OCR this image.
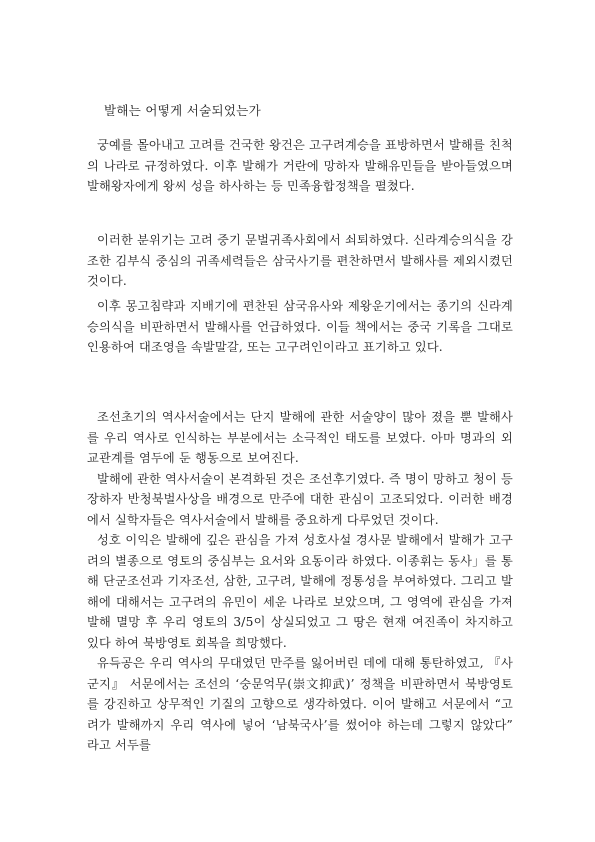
발해는 어떻게 서술되었는가

궁예를 몰아내고 고려를 건국한 왕건은 고구려계승을 표방하면서 발해를 친척의 나라로 규정하였다. 이후 발해가 거란에 망하자 발해유민들을 받아들였으며 발해왕자에게 왕씨 성을 하사하는 등 민족융합정책을 펼쳤다.

이러한 분위기는 고려 중기 문벌귀족사회에서 쇠퇴하였다. 신라계승의식을 강조한 김부식 중심의 귀족세력들은 삼국사기를 편찬하면서 발해사를 제외시켰던 것이다.

이후 몽고침략과 지배기에 편찬된 삼국유사와 제왕운기에서는 종기의 신라계승의식을 비판하면서 발해사를 언급하였다. 이들 책에서는 중국 기록을 그대로 인용하여 대조영을 속발말갈, 또는 고구려인이라고 표기하고 있다.

조선초기의 역사서술에서는 단지 발해에 관한 서술양이 많아 졌을 뿐 발해사를 우리 역사로 인식하는 부분에서는 소극적인 태도를 보였다. 아마 명과의 외교관계를 염두에 둔 행동으로 보여진다.

발해에 관한 역사서술이 본격화된 것은 조선후기였다. 즉 명이 망하고 청이 등장하자 반청북벌사상을 배경으로 만주에 대한 관심이 고조되었다. 이러한 배경에서 실학자들은 역사서술에서 발해를 중요하게 다루었던 것이다.

성호 이익은 발해에 깊은 관심을 가져 성호사설 경사문 발해에서 발해가 고구려의 별종으로 영토의 중심부는 요서와 요동이라 하였다. 이종휘는 동사」를 통해 단군조선과 기자조선, 삼한, 고구려, 발해에 정통성을 부여하였다. 그리고 발해에 대해서는 고구려의 유민이 세운 나라로 보았으며, 그 영역에 관심을 가져 발해 멸망 후 우리 영토의 3/5이 상실되었고 그 땅은 현재 여진족이 차지하고 있다 하여 북방영토 회복을 희망했다.

유득공은 우리 역사의 무대였던 만주를 잃어버린 데에 대해 통탄하였고, 『사군지』 서문에서는 조선의 ‘숭문억무(崇文抑武)’ 정책을 비판하면서 북방영토를 강진하고 상무적인 기질의 고향으로 생각하였다. 이어 발해고 서문에서 “고려가 발해까지 우리 역사에 넣어 ‘남북국사’를 썼어야 하는데 그렇지 않았다” 라고 서두를
